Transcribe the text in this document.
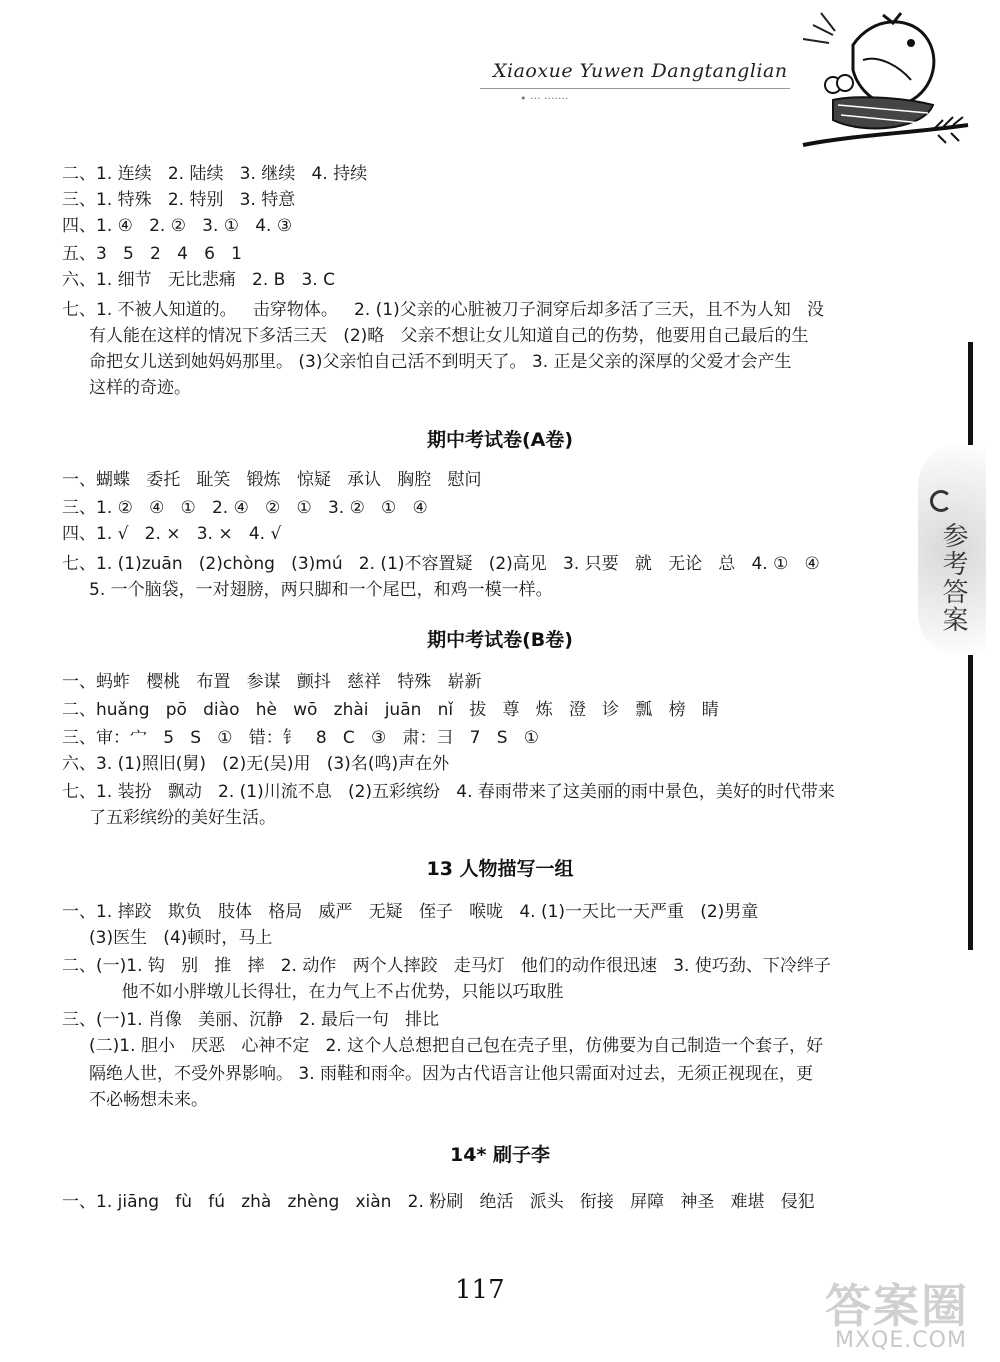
Xiaoxue Yuwen Dangtanglian
• ··· ·······
参考答案
二、1. 连续   2. 陆续   3. 继续   4. 持续
三、1. 特殊   2. 特别   3. 特意
四、1. ④   2. ②   3. ①   4. ③
五、3   5   2   4   6   1
六、1. 细节   无比悲痛   2. B   3. C
七、1. 不被人知道的。   击穿物体。   2. (1)父亲的心脏被刀子洞穿后却多活了三天，且不为人知   没
有人能在这样的情况下多活三天   (2)略   父亲不想让女儿知道自己的伤势，他要用自己最后的生
命把女儿送到她妈妈那里。 (3)父亲怕自己活不到明天了。 3. 正是父亲的深厚的父爱才会产生
这样的奇迹。
期中考试卷(A卷)
一、蝴蝶   委托   耻笑   锻炼   惊疑   承认   胸腔   慰问
三、1. ②   ④   ①   2. ④   ②   ①   3. ②   ①   ④
四、1. √   2. ×   3. ×   4. √
七、1. (1)zuān   (2)chòng   (3)mú   2. (1)不容置疑   (2)高见   3. 只要   就   无论   总   4. ①   ④
5. 一个脑袋，一对翅膀，两只脚和一个尾巴，和鸡一模一样。
期中考试卷(B卷)
一、蚂蚱   樱桃   布置   参谋   颤抖   慈祥   特殊   崭新
二、huǎng   pō   diào   hè   wō   zhài   juān   nǐ   拔   尊   炼   澄   诊   瓢   榜   睛
三、审：宀   5   S   ①   错：钅   8   C   ③   肃：⺕   7   S   ①
六、3. (1)照旧(舅)   (2)无(吴)用   (3)名(鸣)声在外
七、1. 装扮   飘动   2. (1)川流不息   (2)五彩缤纷   4. 春雨带来了这美丽的雨中景色，美好的时代带来
了五彩缤纷的美好生活。
13 人物描写一组
一、1. 摔跤   欺负   肢体   格局   威严   无疑   侄子   喉咙   4. (1)一天比一天严重   (2)男童
(3)医生   (4)顿时，马上
二、(一)1. 钩   别   推   摔   2. 动作   两个人摔跤   走马灯   他们的动作很迅速   3. 使巧劲、下冷绊子
他不如小胖墩儿长得壮，在力气上不占优势，只能以巧取胜
三、(一)1. 肖像   美丽、沉静   2. 最后一句   排比
(二)1. 胆小   厌恶   心神不定   2. 这个人总想把自己包在壳子里，仿佛要为自己制造一个套子，好
隔绝人世，不受外界影响。 3. 雨鞋和雨伞。因为古代语言让他只需面对过去，无须正视现在，更
不必畅想未来。
14* 刷子李
一、1. jiāng   fù   fú   zhà   zhèng   xiàn   2. 粉刷   绝活   派头   衔接   屏障   神圣   难堪   侵犯
117	答案圈
MXQE.COM
